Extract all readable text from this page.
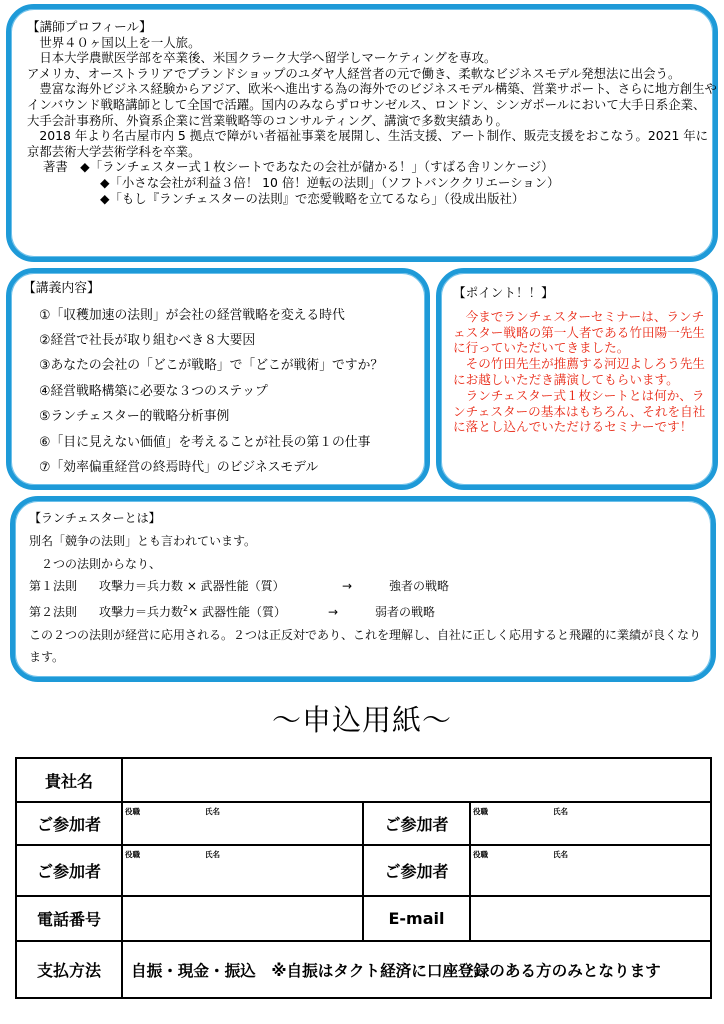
【講師プロフィール】

世界４０ヶ国以上を一人旅。

日本大学農獣医学部を卒業後、米国クラーク大学へ留学しマーケティングを専攻。

アメリカ、オーストラリアでブランドショップのユダヤ人経営者の元で働き、柔軟なビジネスモデル発想法に出会う。

豊富な海外ビジネス経験からアジア、欧米へ進出する為の海外でのビジネスモデル構築、営業サポート、さらに地方創生やインバウンド戦略講師として全国で活躍。国内のみならずロサンゼルス、ロンドン、シンガポールにおいて大手日系企業、大手会計事務所、外資系企業に営業戦略等のコンサルティング、講演で多数実績あり。

2018 年より名古屋市内 5 拠点で障がい者福祉事業を展開し、生活支援、アート制作、販売支援をおこなう。2021 年に京都芸術大学芸術学科を卒業。

著書　 ◆「ランチェスター式１枚シートであなたの会社が儲かる！」（すばる舎リンケージ）

◆「小さな会社が利益３倍！ 10 倍！逆転の法則」（ソフトバンククリエーション）

◆「もし『ランチェスターの法則』で恋愛戦略を立てるなら」（役成出版社）

【講義内容】

①「収穫加速の法則」が会社の経営戦略を変える時代
②経営で社長が取り組むべき８大要因
③あなたの会社の「どこが戦略」で「どこが戦術」ですか？
④経営戦略構築に必要な３つのステップ
⑤ランチェスター的戦略分析事例
⑥「目に見えない価値」を考えることが社長の第１の仕事
⑦「効率偏重経営の終焉時代」のビジネスモデル

【ポイント！！】

今までランチェスターセミナーは、ランチェスター戦略の第一人者である竹田陽一先生に行っていただいてきました。

その竹田先生が推薦する河辺よしろう先生にお越しいただき講演してもらいます。

ランチェスター式１枚シートとは何か、ランチェスターの基本はもちろん、それを自社に落とし込んでいただけるセミナーです！

【ランチェスターとは】

別名「競争の法則」とも言われています。

２つの法則からなり、

第１法則 攻撃力＝兵力数 × 武器性能（質）	→	強者の戦略

第２法則 攻撃力＝兵力数$^2$× 武器性能（質）	→	弱者の戦略

この２つの法則が経営に応用される。２つは正反対であり、これを理解し、自社に正しく応用すると飛躍的に業績が良くなります。

～申込用紙～
貴社名			
ご参加者	役職 氏名	ご参加者	役職 氏名

ご参加者	役職 氏名	ご参加者	役職 氏名

電話番号		E-mail	
支払方法	自振・現金・振込　※自振はタクト経済に口座登録のある方のみとなります		
